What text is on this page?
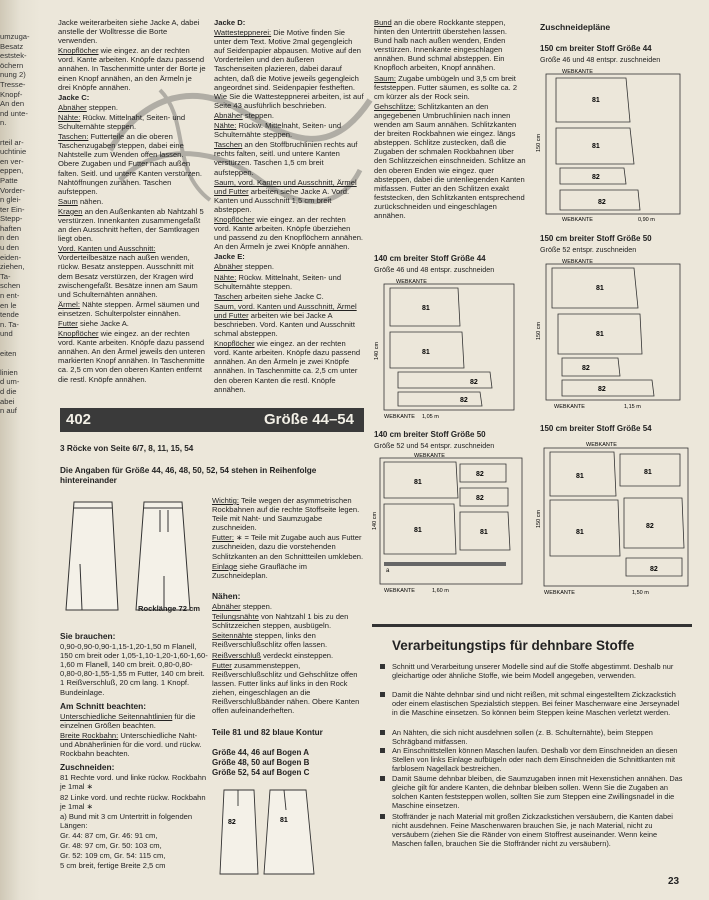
umzuga-
Besatz
eststek-
öchern
nung 2)
Tresse-
Knopf-
An den
nd unte-
n.
rteil ar-
uchtinie
en ver-
eppen,
Patte
Vorder-
n glei-
ter Ein-
Stepp-
haften
n den
u den
eiden-
ziehen,
Ta-
schen
n ent-
en le
tende
n. Ta-
und
eiten
linien
d um-
d die
abei
n auf

Jacke weiterarbeiten siehe Jacke A, dabei anstelle der Wolltresse die Borte verwenden.

Knopflöcher wie eingez. an der rechten vord. Kante arbeiten. Knöpfe dazu passend annähen. In Taschenmitte unter der Borte je einen Knopf annähen, an den Ärmeln je drei Knöpfe annähen.

Jacke C:

Abnäher steppen.

Nähte: Rückw. Mittelnaht, Seiten- und Schulternähte steppen.

Taschen: Futterteile an die oberen Taschenzugaben steppen, dabei eine Nahtstelle zum Wenden offen lassen. Obere Zugaben und Futter nach außen falten. Seitl. und untere Kanten verstürzen. Nahtöffnungen zunähen. Taschen aufsteppen.

Saum nähen.

Kragen an den Außenkanten ab Nahtzahl 5 verstürzen. Innenkanten zusammengefaßt an den Ausschnitt heften, der Samtkragen liegt oben.

Vord. Kanten und Ausschnitt: Vorderteilbesätze nach außen wenden, rückw. Besatz ansteppen. Ausschnitt mit dem Besatz verstürzen, der Kragen wird zwischengefaßt. Besätze innen am Saum und Schulternähten annähen.

Ärmel: Nähte steppen. Ärmel säumen und einsetzen. Schulterpolster einnähen.

Futter siehe Jacke A.

Knopflöcher wie eingez. an der rechten vord. Kante arbeiten. Knöpfe dazu passend annähen. An den Ärmel jeweils den unteren markierten Knopf annähen. In Taschenmitte ca. 2,5 cm von den oberen Kanten entfernt die restl. Knöpfe annähen.

Jacke D:

Wattesteppnerei: Die Motive finden Sie unter dem Text. Motive 2mal gegengleich auf Seidenpapier abpausen. Motive auf den Vorderteilen und den äußeren Taschenseiten plazieren, dabei darauf achten, daß die Motive jeweils gegengleich angeordnet sind. Seidenpapier festheften. Wie Sie die Wattesteppnerei arbeiten, ist auf Seite 43 ausführlich beschrieben.

Abnäher steppen.

Nähte: Rückw. Mittelnaht, Seiten- und Schulternähte steppen.

Taschen an den Stoffbruchlinien rechts auf rechts falten, seitl. und untere Kanten verstürzen. Taschen 1,5 cm breit aufsteppen.

Saum, vord. Kanten und Ausschnitt, Ärmel und Futter arbeiten siehe Jacke A. Vord. Kanten und Ausschnitt 1,5 cm breit absteppen.

Knopflöcher wie eingez. an der rechten vord. Kante arbeiten. Knöpfe überziehen und passend zu den Knopflöchern annähen. An den Ärmeln je zwei Knöpfe annähen.

Jacke E:

Abnäher steppen.

Nähte: Rückw. Mittelnaht, Seiten- und Schulternähte steppen.

Taschen arbeiten siehe Jacke C.

Saum, vord. Kanten und Ausschnitt, Ärmel und Futter arbeiten wie bei Jacke A beschrieben. Vord. Kanten und Ausschnitt schmal absteppen.

Knopflöcher wie eingez. an der rechten vord. Kante arbeiten. Knöpfe dazu passend annähen. An den Ärmeln je zwei Knöpfe annähen. In Taschenmitte ca. 2,5 cm unter den oberen Kanten die restl. Knöpfe annähen.

Bund an die obere Rockkante steppen, hinten den Untertritt überstehen lassen. Bund halb nach außen wenden, Enden verstürzen. Innenkante eingeschlagen annähen. Bund schmal absteppen. Ein Knopfloch arbeiten, Knopf annähen.

Saum: Zugabe umbügeln und 3,5 cm breit feststeppen. Futter säumen, es sollte ca. 2 cm kürzer als der Rock sein.

Gehschlitze: Schlitzkanten an den angegebenen Umbruchlinien nach innen wenden am Saum annähen. Schlitzkanten der breiten Rockbahnen wie eingez. längs absteppen. Schlitze zustecken, daß die Zugaben der schmalen Rockbahnen über den Schlitzzeichen einschneiden. Schlitze an den oberen Enden wie eingez. quer absteppen, dabei die untenliegenden Kanten mitfassen. Futter an den Schlitzen exakt feststecken, den Schlitzkanten entsprechend zurückschneiden und eingeschlagen annähen.

402	Größe 44–54
3 Röcke von Seite 6/7, 8, 11, 15, 54
Die Angaben für Größe 44, 46, 48, 50, 52, 54 stehen in Reihenfolge hintereinander
Rocklänge 72 cm

Sie brauchen:

0,90-0,90-0,90-1,15-1,20-1,50 m Flanell, 150 cm breit oder 1,05-1,10-1,20-1,60-1,60-1,60 m Flanell, 140 cm breit. 0,80-0,80-0,80-0,80-1,55-1,55 m Futter, 140 cm breit. 1 Reißverschluß, 20 cm lang. 1 Knopf. Bundeinlage.

Am Schnitt beachten:

Unterschiedliche Seitennahtlinien für die einzelnen Größen beachten.

Breite Rockbahn: Unterschiedliche Naht- und Abnäherlinien für die vord. und rückw. Rockbahn beachten.

Zuschneiden:

81 Rechte vord. und linke rückw. Rockbahn je 1mal ∗

82 Linke vord. und rechte rückw. Rockbahn je 1mal ∗

a) Bund mit 3 cm Untertritt in folgenden Längen:

Gr. 44: 87 cm, Gr. 46: 91 cm,

Gr. 48: 97 cm, Gr. 50: 103 cm,

Gr. 52: 109 cm, Gr. 54: 115 cm,

5 cm breit, fertige Breite 2,5 cm

Wichtig: Teile wegen der asymmetrischen Rockbahnen auf die rechte Stoffseite legen. Teile mit Naht- und Saumzugabe zuschneiden.

Futter: ∗ = Teile mit Zugabe auch aus Futter zuschneiden, dazu die vorstehenden Schlitzkanten an den Schnittteilen umkleben.

Einlage siehe Graufläche im Zuschneideplan.

Nähen:

Abnäher steppen.

Teilungsnähte von Nahtzahl 1 bis zu den Schlitzzeichen steppen, ausbügeln.

Seitennähte steppen, links den Reißverschlußschlitz offen lassen.

Reißverschluß verdeckt einsteppen.

Futter zusammensteppen, Reißverschlußschlitz und Gehschlitze offen lassen. Futter links auf links in den Rock ziehen, eingeschlagen an die Reißverschlußbänder nähen. Obere Kanten offen aufeinanderheften.

Teile 81 und 82 blaue Kontur
Größe 44, 46 auf Bogen A
Größe 48, 50 auf Bogen B
Größe 52, 54 auf Bogen C
82	81
Zuschneidepläne
150 cm breiter Stoff Größe 44
Größe 46 und 48 entspr. zuschneiden
WEBKANTE
WEBKANTE	0,90 m
150 cm
81
81
82
82
150 cm breiter Stoff Größe 50
Größe 52 entspr. zuschneiden
WEBKANTE
WEBKANTE	1,15 m
150 cm
81
81
82
82
140 cm breiter Stoff Größe 44
Größe 46 und 48 entspr. zuschneiden
WEBKANTE
WEBKANTE 1,05 m
140 cm
81
81
82
82
140 cm breiter Stoff Größe 50
Größe 52 und 54 entspr. zuschneiden
WEBKANTE
WEBKANTE	1,60 m
140 cm
82
82
81
81	81
a
150 cm breiter Stoff Größe 54
WEBKANTE
WEBKANTE	1,50 m
150 cm
81
81
81
82
82
Verarbeitungstips für dehnbare Stoffe
Schnitt und Verarbeitung unserer Modelle sind auf die Stoffe abgestimmt. Deshalb nur gleichartige oder ähnliche Stoffe, wie beim Modell angegeben, verwenden.
Damit die Nähte dehnbar sind und nicht reißen, mit schmal eingestelltem Zickzackstich oder einem elastischen Spezialstich steppen. Bei feiner Maschenware eine Jerseynadel in die Maschine einsetzen. So können beim Steppen keine Maschen verletzt werden.
An Nähten, die sich nicht ausdehnen sollen (z. B. Schulternähte), beim Steppen Schrägband mitfassen.
An Einschnittstellen können Maschen laufen. Deshalb vor dem Einschneiden an diesen Stellen von links Einlage aufbügeln oder nach dem Einschneiden die Schnittkanten mit farblosem Nagellack bestreichen.
Damit Säume dehnbar bleiben, die Saumzugaben innen mit Hexenstichen annähen. Das gleiche gilt für andere Kanten, die dehnbar bleiben sollen. Wenn Sie die Zugaben an solchen Kanten feststeppen wollen, sollten Sie zum Steppen eine Zwillingsnadel in die Maschine einsetzen.
Stoffränder je nach Material mit großen Zickzackstichen versäubern, die Kanten dabei nicht ausdehnen. Feine Maschenwaren brauchen Sie, je nach Material, nicht zu versäubern (ziehen Sie die Ränder von einem Stoffrest auseinander. Wenn keine Maschen fallen, brauchen Sie die Stoffränder nicht zu versäubern).
23
